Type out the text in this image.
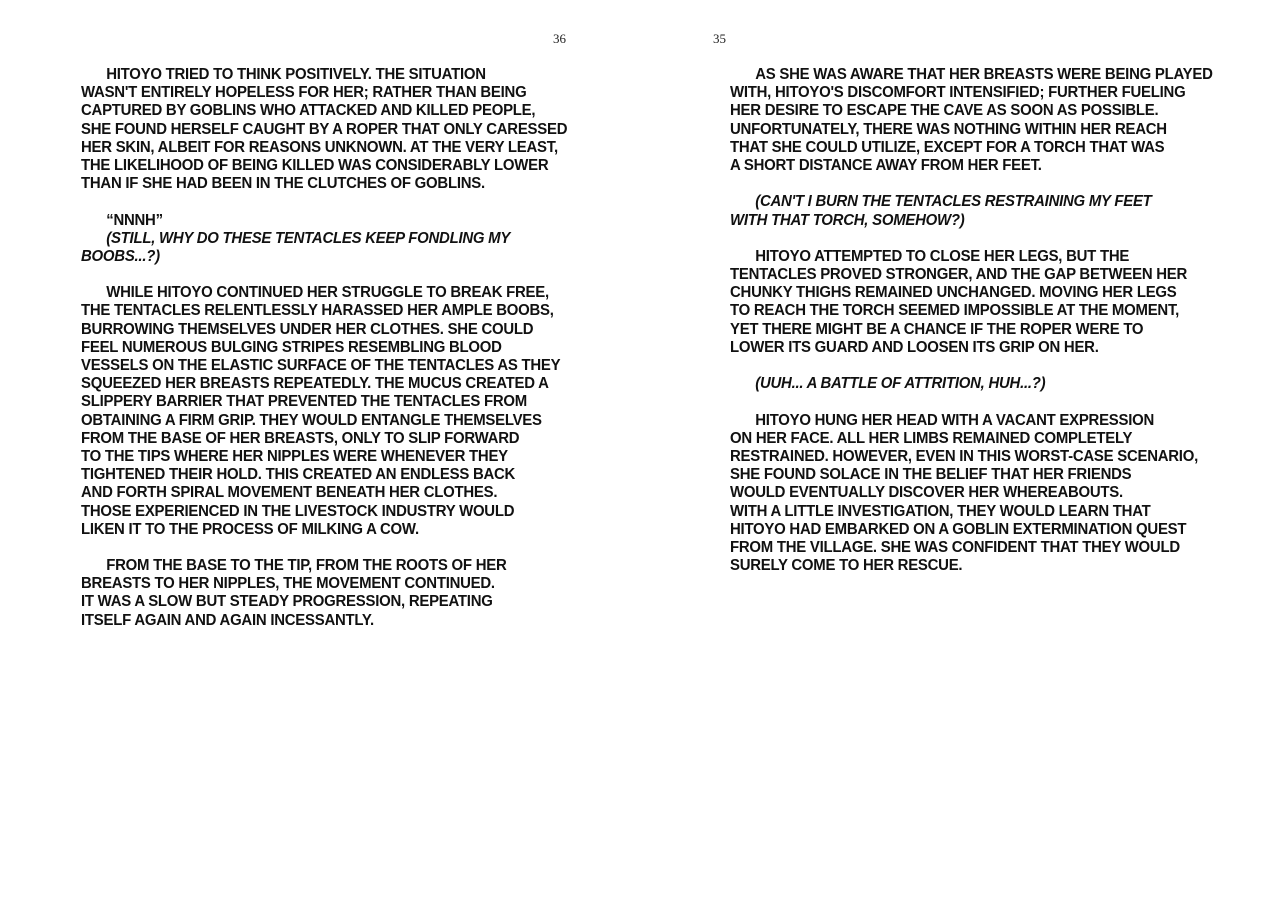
36
HITOYO TRIED TO THINK POSITIVELY. THE SITUATION
WASN'T ENTIRELY HOPELESS FOR HER; RATHER THAN BEING
CAPTURED BY GOBLINS WHO ATTACKED AND KILLED PEOPLE,
SHE FOUND HERSELF CAUGHT BY A ROPER THAT ONLY CARESSED
HER SKIN, ALBEIT FOR REASONS UNKNOWN. AT THE VERY LEAST,
THE LIKELIHOOD OF BEING KILLED WAS CONSIDERABLY LOWER
THAN IF SHE HAD BEEN IN THE CLUTCHES OF GOBLINS.
“NNNH”
(STILL, WHY DO THESE TENTACLES KEEP FONDLING MY
BOOBS...?)
WHILE HITOYO CONTINUED HER STRUGGLE TO BREAK FREE,
THE TENTACLES RELENTLESSLY HARASSED HER AMPLE BOOBS,
BURROWING THEMSELVES UNDER HER CLOTHES. SHE COULD
FEEL NUMEROUS BULGING STRIPES RESEMBLING BLOOD
VESSELS ON THE ELASTIC SURFACE OF THE TENTACLES AS THEY
SQUEEZED HER BREASTS REPEATEDLY. THE MUCUS CREATED A
SLIPPERY BARRIER THAT PREVENTED THE TENTACLES FROM
OBTAINING A FIRM GRIP. THEY WOULD ENTANGLE THEMSELVES
FROM THE BASE OF HER BREASTS, ONLY TO SLIP FORWARD
TO THE TIPS WHERE HER NIPPLES WERE WHENEVER THEY
TIGHTENED THEIR HOLD. THIS CREATED AN ENDLESS BACK
AND FORTH SPIRAL MOVEMENT BENEATH HER CLOTHES.
THOSE EXPERIENCED IN THE LIVESTOCK INDUSTRY WOULD
LIKEN IT TO THE PROCESS OF MILKING A COW.
FROM THE BASE TO THE TIP, FROM THE ROOTS OF HER
BREASTS TO HER NIPPLES, THE MOVEMENT CONTINUED.
IT WAS A SLOW BUT STEADY PROGRESSION, REPEATING
ITSELF AGAIN AND AGAIN INCESSANTLY.
35
AS SHE WAS AWARE THAT HER BREASTS WERE BEING PLAYED
WITH, HITOYO'S DISCOMFORT INTENSIFIED; FURTHER FUELING
HER DESIRE TO ESCAPE THE CAVE AS SOON AS POSSIBLE.
UNFORTUNATELY, THERE WAS NOTHING WITHIN HER REACH
THAT SHE COULD UTILIZE, EXCEPT FOR A TORCH THAT WAS
A SHORT DISTANCE AWAY FROM HER FEET.
(CAN'T I BURN THE TENTACLES RESTRAINING MY FEET
WITH THAT TORCH, SOMEHOW?)
HITOYO ATTEMPTED TO CLOSE HER LEGS, BUT THE
TENTACLES PROVED STRONGER, AND THE GAP BETWEEN HER
CHUNKY THIGHS REMAINED UNCHANGED. MOVING HER LEGS
TO REACH THE TORCH SEEMED IMPOSSIBLE AT THE MOMENT,
YET THERE MIGHT BE A CHANCE IF THE ROPER WERE TO
LOWER ITS GUARD AND LOOSEN ITS GRIP ON HER.
(UUH... A BATTLE OF ATTRITION, HUH...?)
HITOYO HUNG HER HEAD WITH A VACANT EXPRESSION
ON HER FACE. ALL HER LIMBS REMAINED COMPLETELY
RESTRAINED. HOWEVER, EVEN IN THIS WORST-CASE SCENARIO,
SHE FOUND SOLACE IN THE BELIEF THAT HER FRIENDS
WOULD EVENTUALLY DISCOVER HER WHEREABOUTS.
WITH A LITTLE INVESTIGATION, THEY WOULD LEARN THAT
HITOYO HAD EMBARKED ON A GOBLIN EXTERMINATION QUEST
FROM THE VILLAGE. SHE WAS CONFIDENT THAT THEY WOULD
SURELY COME TO HER RESCUE.
